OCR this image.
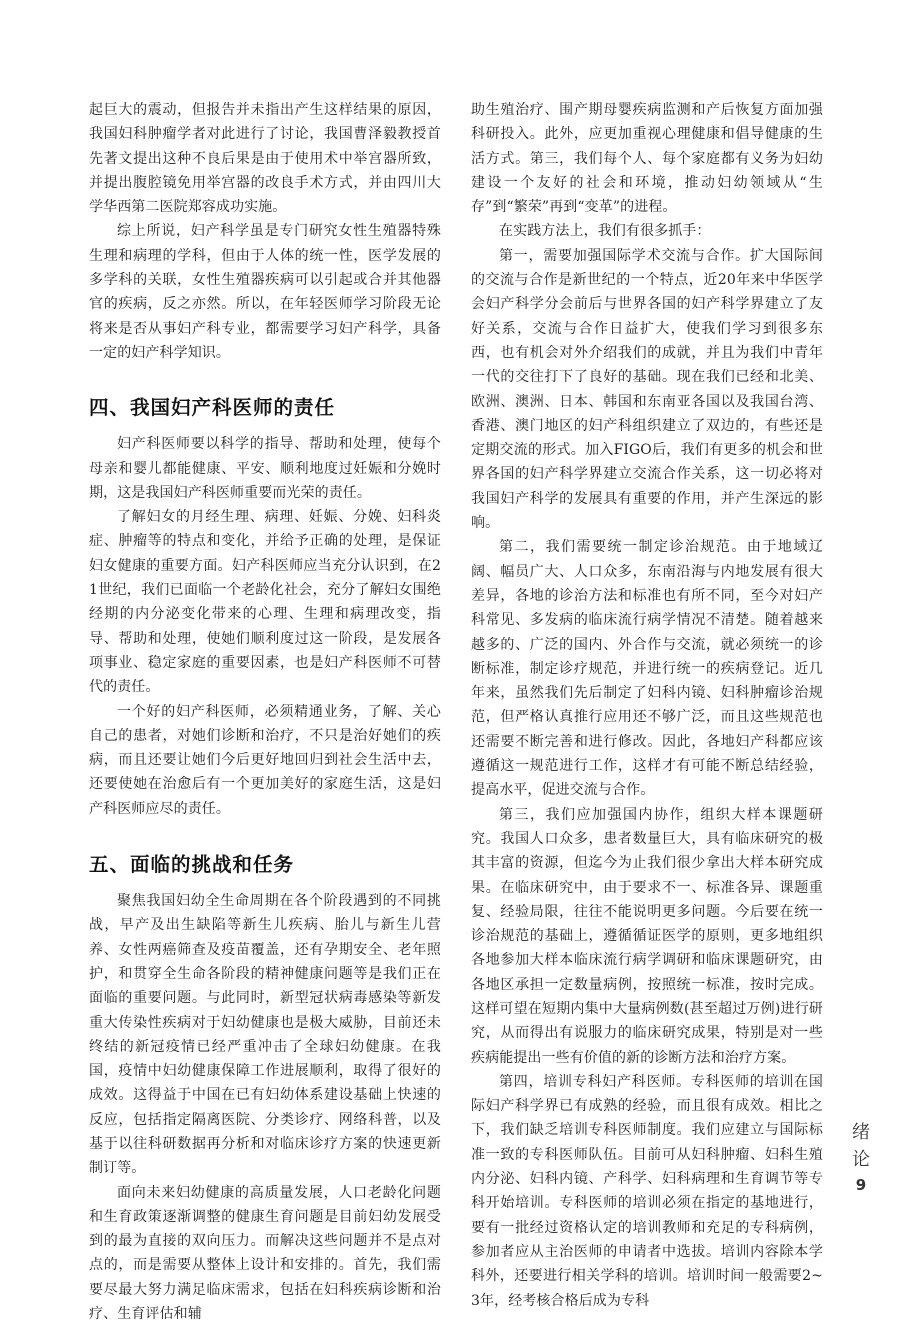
起巨大的震动，但报告并未指出产生这样结果的原因，我国妇科肿瘤学者对此进行了讨论，我国曹泽毅教授首先著文提出这种不良后果是由于使用术中举宫器所致，并提出腹腔镜免用举宫器的改良手术方式，并由四川大学华西第二医院郑容成功实施。

综上所说，妇产科学虽是专门研究女性生殖器特殊生理和病理的学科，但由于人体的统一性，医学发展的多学科的关联，女性生殖器疾病可以引起或合并其他器官的疾病，反之亦然。所以，在年轻医师学习阶段无论将来是否从事妇产科专业，都需要学习妇产科学，具备一定的妇产科学知识。

四、我国妇产科医师的责任

妇产科医师要以科学的指导、帮助和处理，使每个母亲和婴儿都能健康、平安、顺利地度过妊娠和分娩时期，这是我国妇产科医师重要而光荣的责任。

了解妇女的月经生理、病理、妊娠、分娩、妇科炎症、肿瘤等的特点和变化，并给予正确的处理，是保证妇女健康的重要方面。妇产科医师应当充分认识到，在21世纪，我们已面临一个老龄化社会，充分了解妇女围绝经期的内分泌变化带来的心理、生理和病理改变，指导、帮助和处理，使她们顺利度过这一阶段，是发展各项事业、稳定家庭的重要因素，也是妇产科医师不可替代的责任。

一个好的妇产科医师，必须精通业务，了解、关心自己的患者，对她们诊断和治疗，不只是治好她们的疾病，而且还要让她们今后更好地回归到社会生活中去，还要使她在治愈后有一个更加美好的家庭生活，这是妇产科医师应尽的责任。

五、面临的挑战和任务

聚焦我国妇幼全生命周期在各个阶段遇到的不同挑战，早产及出生缺陷等新生儿疾病、胎儿与新生儿营养、女性两癌筛查及疫苗覆盖，还有孕期安全、老年照护，和贯穿全生命各阶段的精神健康问题等是我们正在面临的重要问题。与此同时，新型冠状病毒感染等新发重大传染性疾病对于妇幼健康也是极大威胁，目前还未终结的新冠疫情已经严重冲击了全球妇幼健康。在我国，疫情中妇幼健康保障工作进展顺利，取得了很好的成效。这得益于中国在已有妇幼体系建设基础上快速的反应，包括指定隔离医院、分类诊疗、网络科普，以及基于以往科研数据再分析和对临床诊疗方案的快速更新制订等。

面向未来妇幼健康的高质量发展，人口老龄化问题和生育政策逐渐调整的健康生育问题是目前妇幼发展受到的最为直接的双向压力。而解决这些问题并不是点对点的，而是需要从整体上设计和安排的。首先，我们需要尽最大努力满足临床需求，包括在妇科疾病诊断和治疗、生育评估和辅

助生殖治疗、围产期母婴疾病监测和产后恢复方面加强科研投入。此外，应更加重视心理健康和倡导健康的生活方式。第三，我们每个人、每个家庭都有义务为妇幼建设一个友好的社会和环境，推动妇幼领域从“生存”到“繁荣”再到“变革”的进程。

在实践方法上，我们有很多抓手：

第一，需要加强国际学术交流与合作。扩大国际间的交流与合作是新世纪的一个特点，近20年来中华医学会妇产科学分会前后与世界各国的妇产科学界建立了友好关系，交流与合作日益扩大，使我们学习到很多东西，也有机会对外介绍我们的成就，并且为我们中青年一代的交往打下了良好的基础。现在我们已经和北美、欧洲、澳洲、日本、韩国和东南亚各国以及我国台湾、香港、澳门地区的妇产科组织建立了双边的，有些还是定期交流的形式。加入FIGO后，我们有更多的机会和世界各国的妇产科学界建立交流合作关系，这一切必将对我国妇产科学的发展具有重要的作用，并产生深远的影响。

第二，我们需要统一制定诊治规范。由于地域辽阔、幅员广大、人口众多，东南沿海与内地发展有很大差异，各地的诊治方法和标准也有所不同，至今对妇产科常见、多发病的临床流行病学情况不清楚。随着越来越多的、广泛的国内、外合作与交流，就必须统一的诊断标准，制定诊疗规范，并进行统一的疾病登记。近几年来，虽然我们先后制定了妇科内镜、妇科肿瘤诊治规范，但严格认真推行应用还不够广泛，而且这些规范也还需要不断完善和进行修改。因此，各地妇产科都应该遵循这一规范进行工作，这样才有可能不断总结经验，提高水平，促进交流与合作。

第三，我们应加强国内协作，组织大样本课题研究。我国人口众多，患者数量巨大，具有临床研究的极其丰富的资源，但迄今为止我们很少拿出大样本研究成果。在临床研究中，由于要求不一、标准各异、课题重复、经验局限，往往不能说明更多问题。今后要在统一诊治规范的基础上，遵循循证医学的原则，更多地组织各地参加大样本临床流行病学调研和临床课题研究，由各地区承担一定数量病例，按照统一标准，按时完成。这样可望在短期内集中大量病例数(甚至超过万例)进行研究，从而得出有说服力的临床研究成果，特别是对一些疾病能提出一些有价值的新的诊断方法和治疗方案。

第四，培训专科妇产科医师。专科医师的培训在国际妇产科学界已有成熟的经验，而且很有成效。相比之下，我们缺乏培训专科医师制度。我们应建立与国际标准一致的专科医师队伍。目前可从妇科肿瘤、妇科生殖内分泌、妇科内镜、产科学、妇科病理和生育调节等专科开始培训。专科医师的培训必须在指定的基地进行，要有一批经过资格认定的培训教师和充足的专科病例，参加者应从主治医师的申请者中选拔。培训内容除本学科外，还要进行相关学科的培训。培训时间一般需要2~3年，经考核合格后成为专科

绪
论
9
